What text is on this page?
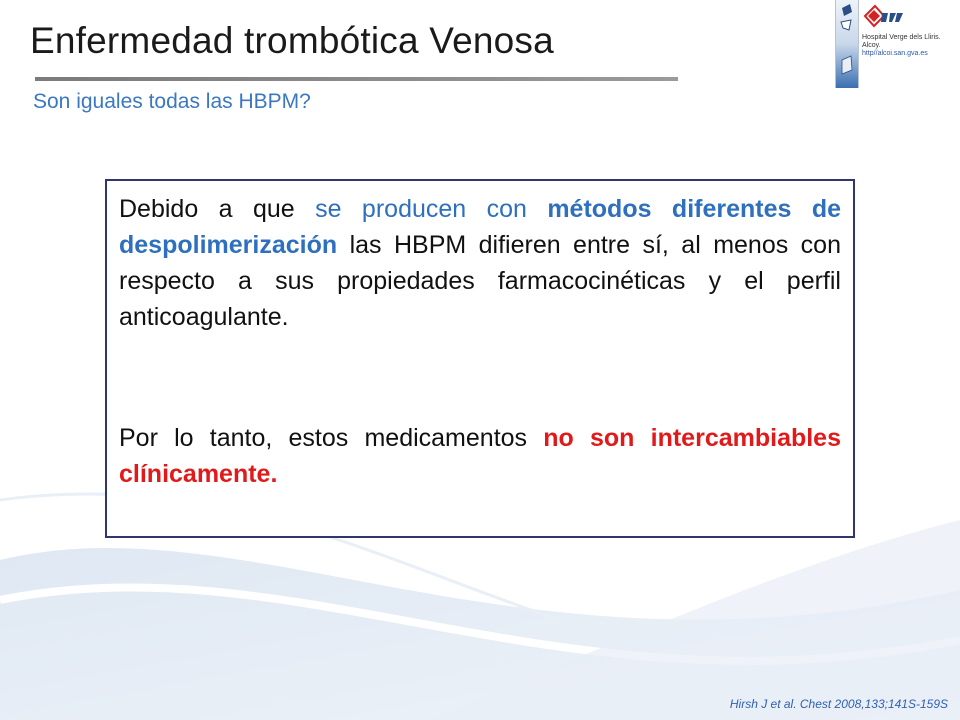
Enfermedad trombótica Venosa
Son iguales todas las HBPM?
Hospital Verge dels Lliris.
Alcoy.
http//alcoi.san.gva.es
Debido a que se producen con métodos diferentes de despolimerización las HBPM difieren entre sí, al menos con respecto a sus propiedades farmacocinéticas y el perfil anticoagulante.
Por lo tanto, estos medicamentos no son intercambiables clínicamente.
Hirsh J et al. Chest 2008,133;141S-159S
